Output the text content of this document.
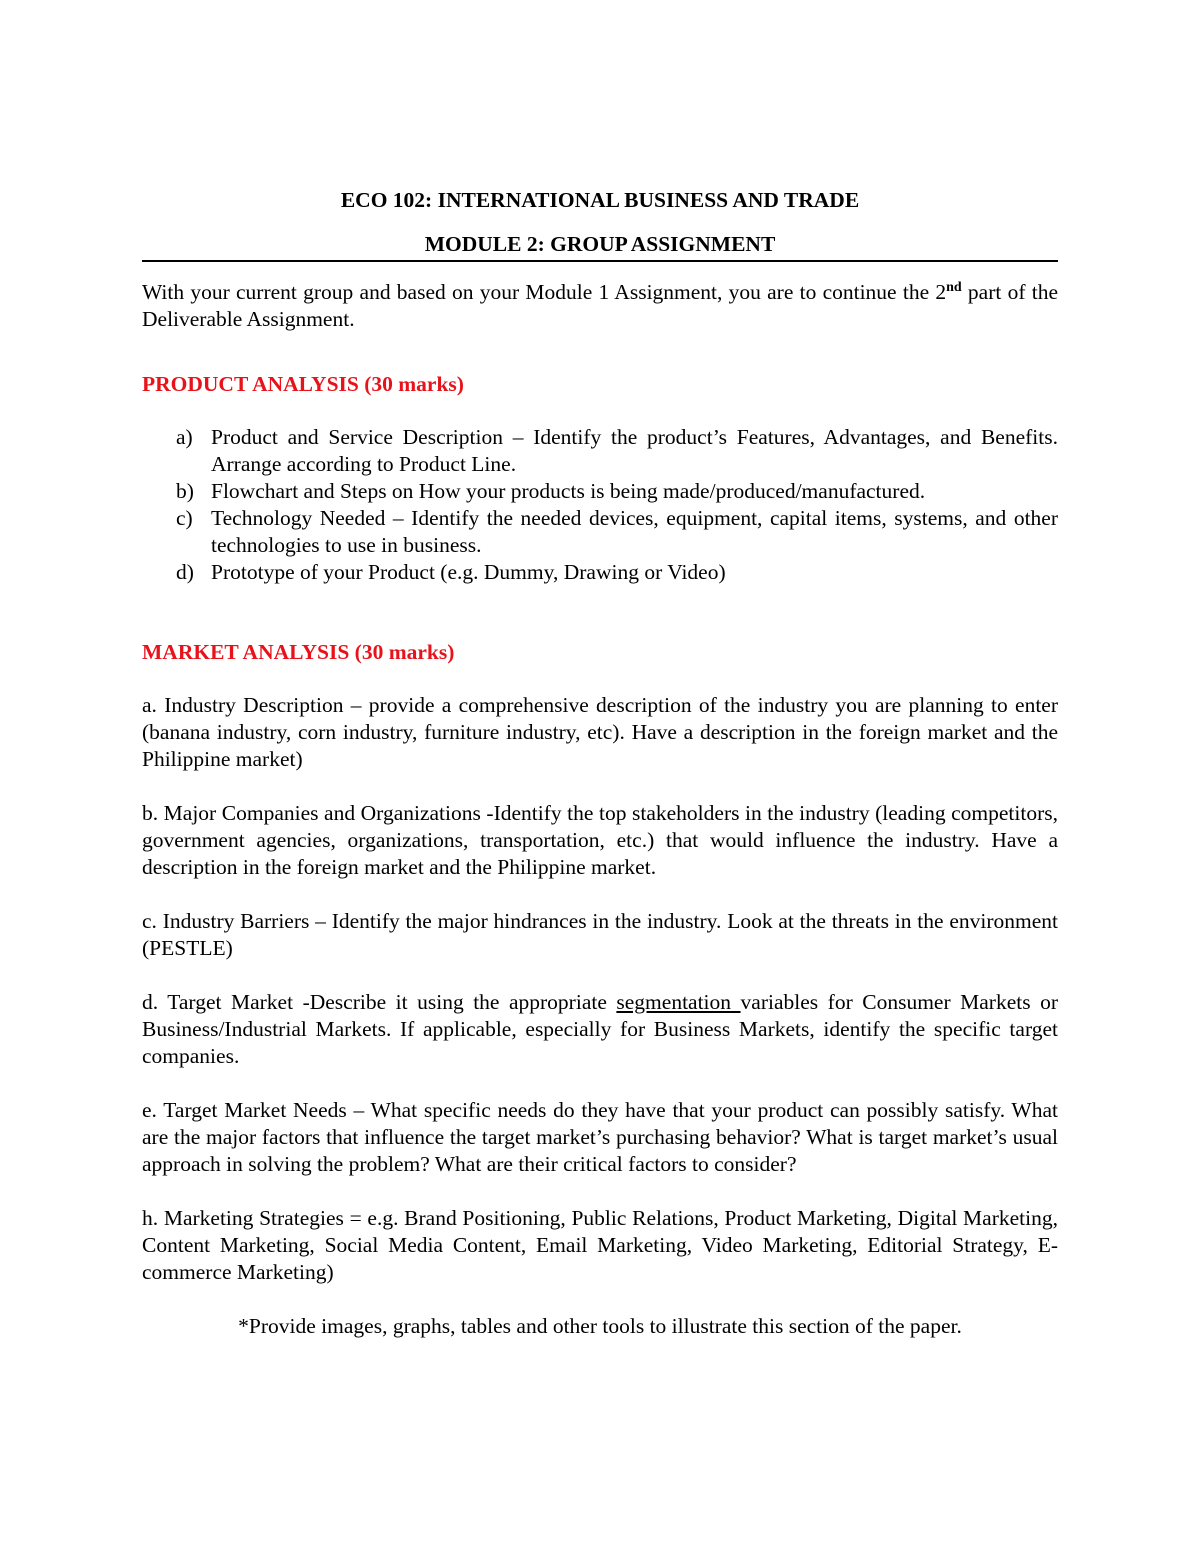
ECO 102: INTERNATIONAL BUSINESS AND TRADE

MODULE 2: GROUP ASSIGNMENT

With your current group and based on your Module 1 Assignment, you are to continue the 2nd part of the Deliverable Assignment.

PRODUCT ANALYSIS (30 marks)

a) Product and Service Description – Identify the product’s Features, Advantages, and Benefits. Arrange according to Product Line.
b) Flowchart and Steps on How your products is being made/produced/manufactured.
c) Technology Needed – Identify the needed devices, equipment, capital items, systems, and other technologies to use in business.
d) Prototype of your Product (e.g. Dummy, Drawing or Video)

MARKET ANALYSIS (30 marks)

a. Industry Description – provide a comprehensive description of the industry you are planning to enter (banana industry, corn industry, furniture industry, etc). Have a description in the foreign market and the Philippine market)

b. Major Companies and Organizations -Identify the top stakeholders in the industry (leading competitors, government agencies, organizations, transportation, etc.) that would influence the industry. Have a description in the foreign market and the Philippine market.

c. Industry Barriers – Identify the major hindrances in the industry. Look at the threats in the environment (PESTLE)

d. Target Market -Describe it using the appropriate segmentation variables for Consumer Markets or Business/Industrial Markets. If applicable, especially for Business Markets, identify the specific target companies.

e. Target Market Needs – What specific needs do they have that your product can possibly satisfy. What are the major factors that influence the target market’s purchasing behavior? What is target market’s usual approach in solving the problem? What are their critical factors to consider?

h. Marketing Strategies = e.g. Brand Positioning, Public Relations, Product Marketing, Digital Marketing, Content Marketing, Social Media Content, Email Marketing, Video Marketing, Editorial Strategy, E-commerce Marketing)

*Provide images, graphs, tables and other tools to illustrate this section of the paper.
